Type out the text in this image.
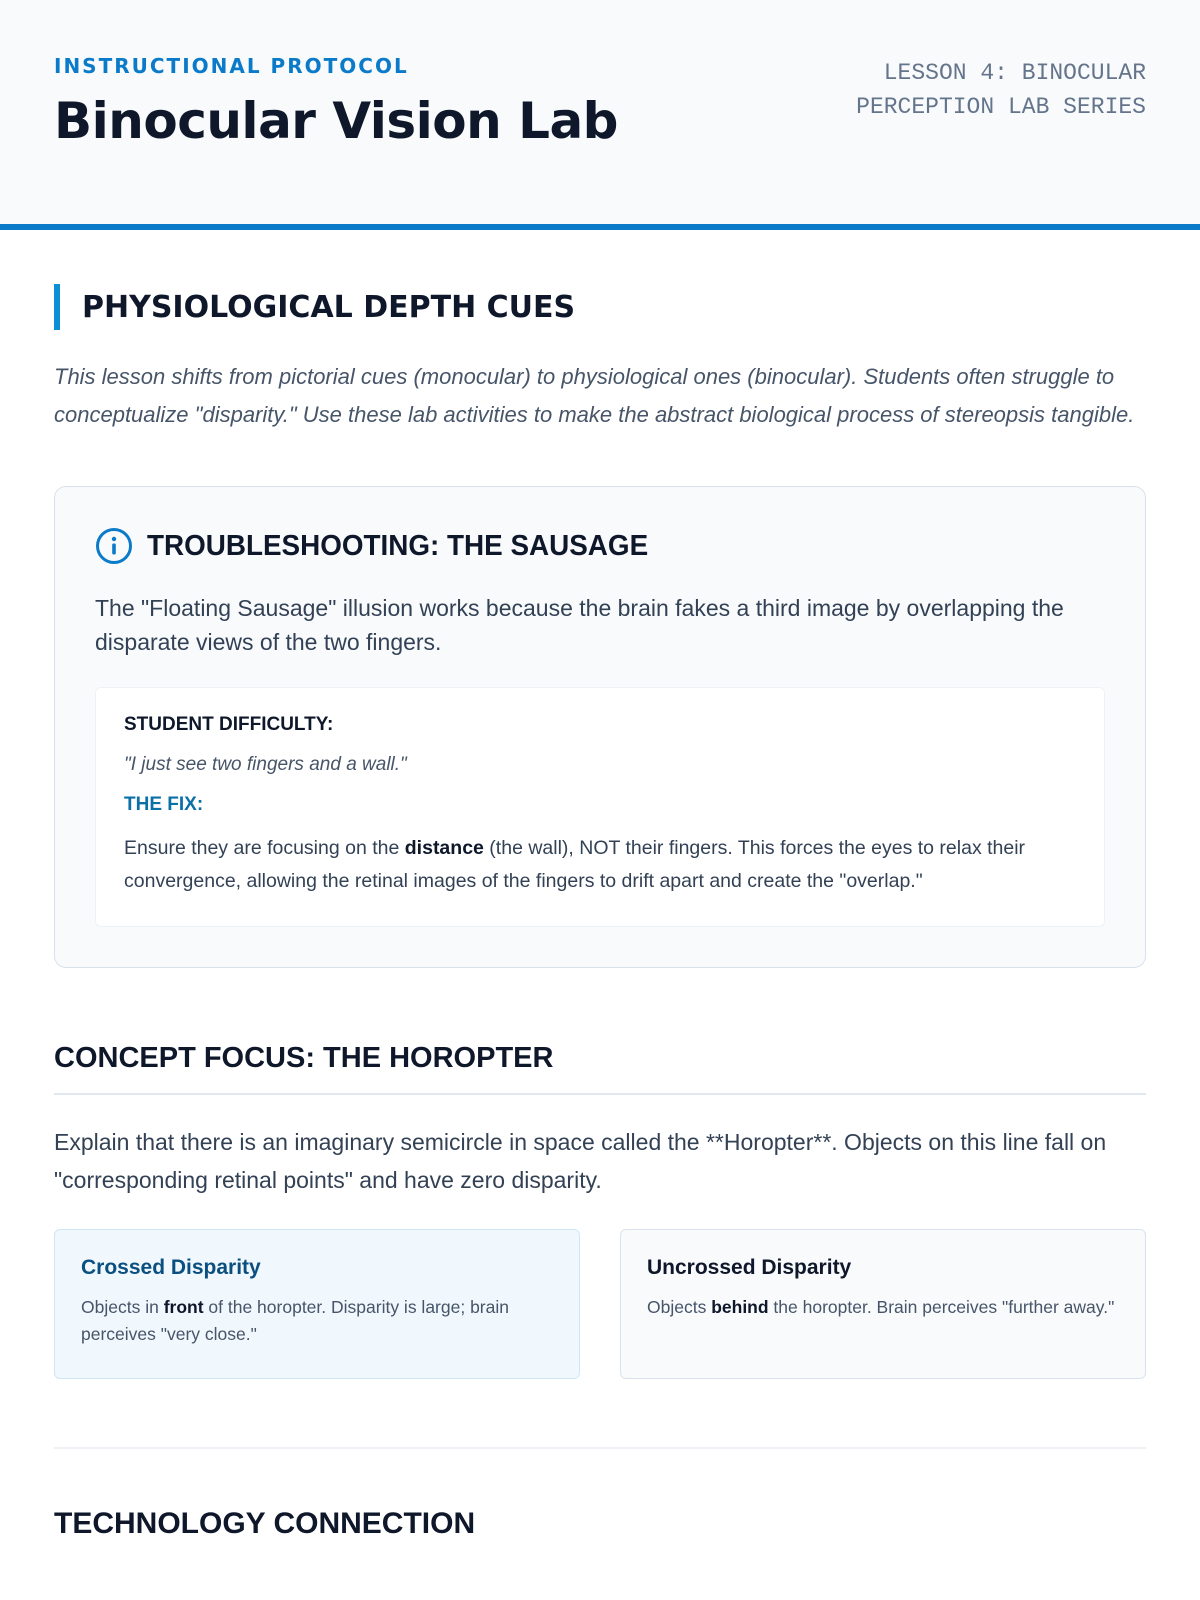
INSTRUCTIONAL PROTOCOL
Binocular Vision Lab
LESSON 4: BINOCULAR PERCEPTION LAB SERIES
PHYSIOLOGICAL DEPTH CUES

This lesson shifts from pictorial cues (monocular) to physiological ones (binocular). Students often struggle to conceptualize "disparity." Use these lab activities to make the abstract biological process of stereopsis tangible.

TROUBLESHOOTING: THE SAUSAGE

The "Floating Sausage" illusion works because the brain fakes a third image by overlapping the disparate views of the two fingers.

STUDENT DIFFICULTY:
"I just see two fingers and a wall."
THE FIX:

Ensure they are focusing on the distance (the wall), NOT their fingers. This forces the eyes to relax their convergence, allowing the retinal images of the fingers to drift apart and create the "overlap."

CONCEPT FOCUS: THE HOROPTER

Explain that there is an imaginary semicircle in space called the **Horopter**. Objects on this line fall on "corresponding retinal points" and have zero disparity.

Crossed Disparity

Objects in front of the horopter. Disparity is large; brain perceives "very close."

Uncrossed Disparity

Objects behind the horopter. Brain perceives "further away."

TECHNOLOGY CONNECTION
